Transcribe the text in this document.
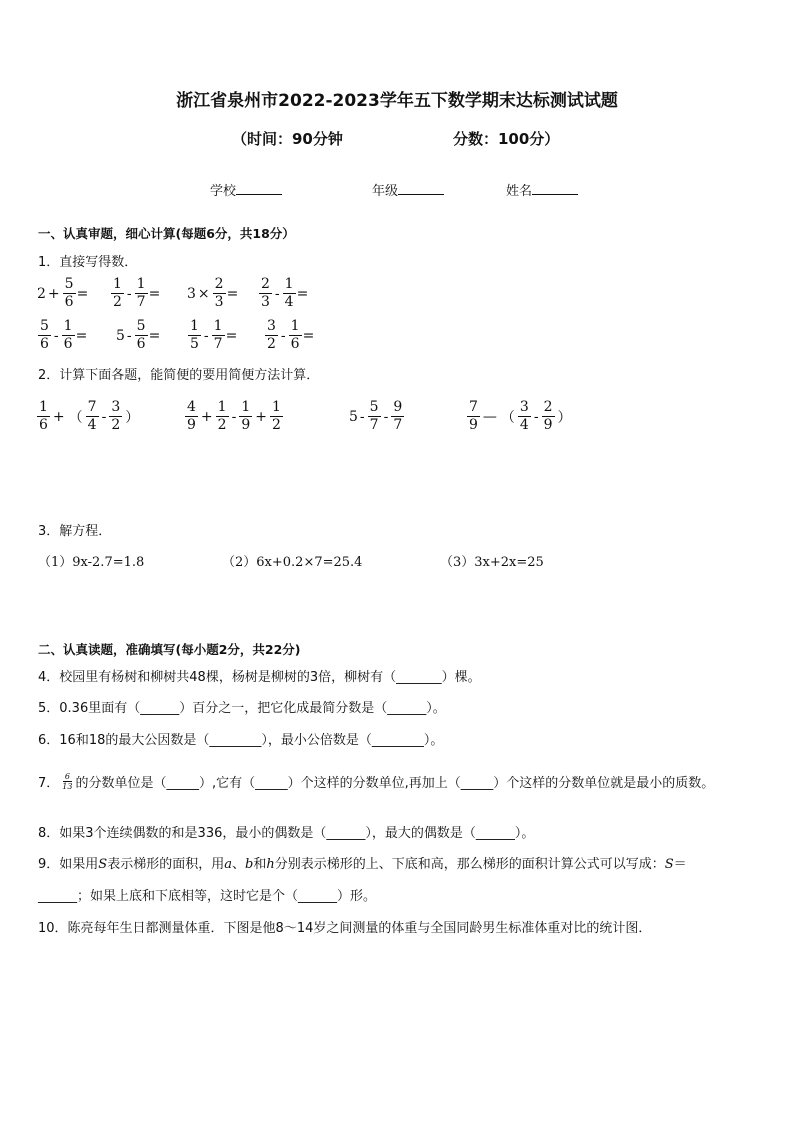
浙江省泉州市2022-2023学年五下数学期末达标测试试题
（时间：90分钟	分数：100分）
学校	年级	姓名
一、认真审题，细心计算(每题6分，共18分）
1．直接写得数．
$2 + \frac{5}{6} = \frac{1}{2} - \frac{1}{7} = 3 \times \frac{2}{3} = \frac{2}{3} - \frac{1}{4}$ =
$\frac{5}{6} - \frac{1}{6} = 5 - \frac{5}{6} = \frac{1}{5} - \frac{1}{7} = \frac{3}{2} - \frac{1}{6}$ =
2．计算下面各题，能简便的要用简便方法计算．
$\frac{1}{6}$ + （ $\frac{7}{4} - \frac{3}{2}$ ）	$\frac{4}{9} + \frac{1}{2} - \frac{1}{9} + \frac{1}{2}$	$5 - \frac{5}{7} - \frac{9}{7}$	$\frac{7}{9}$ — （ $\frac{3}{4} - \frac{2}{9}$ ）
3．解方程．
（1）9x-2.7=1.8	（2）6x+0.2×7=25.4	（3）3x+2x=25
二、认真读题，准确填写(每小题2分，共22分)
4．校园里有杨树和柳树共48棵，杨树是柳树的3倍，柳树有（_______）棵。
5．0.36里面有（______）百分之一，把它化成最简分数是（______）。
6．16和18的最大公因数是（________），最小公倍数是（________）。
7． $\frac{6}{13}$ 的分数单位是（_____）,它有（_____）个这样的分数单位,再加上（_____）个这样的分数单位就是最小的质数。
8．如果3个连续偶数的和是336，最小的偶数是（______），最大的偶数是（______）。
9．如果用S表示梯形的面积，用a、b和h分别表示梯形的上、下底和高，那么梯形的面积计算公式可以写成：S＝
______；如果上底和下底相等，这时它是个（______）形。
10．陈亮每年生日都测量体重．下图是他8～14岁之间测量的体重与全国同龄男生标准体重对比的统计图．
